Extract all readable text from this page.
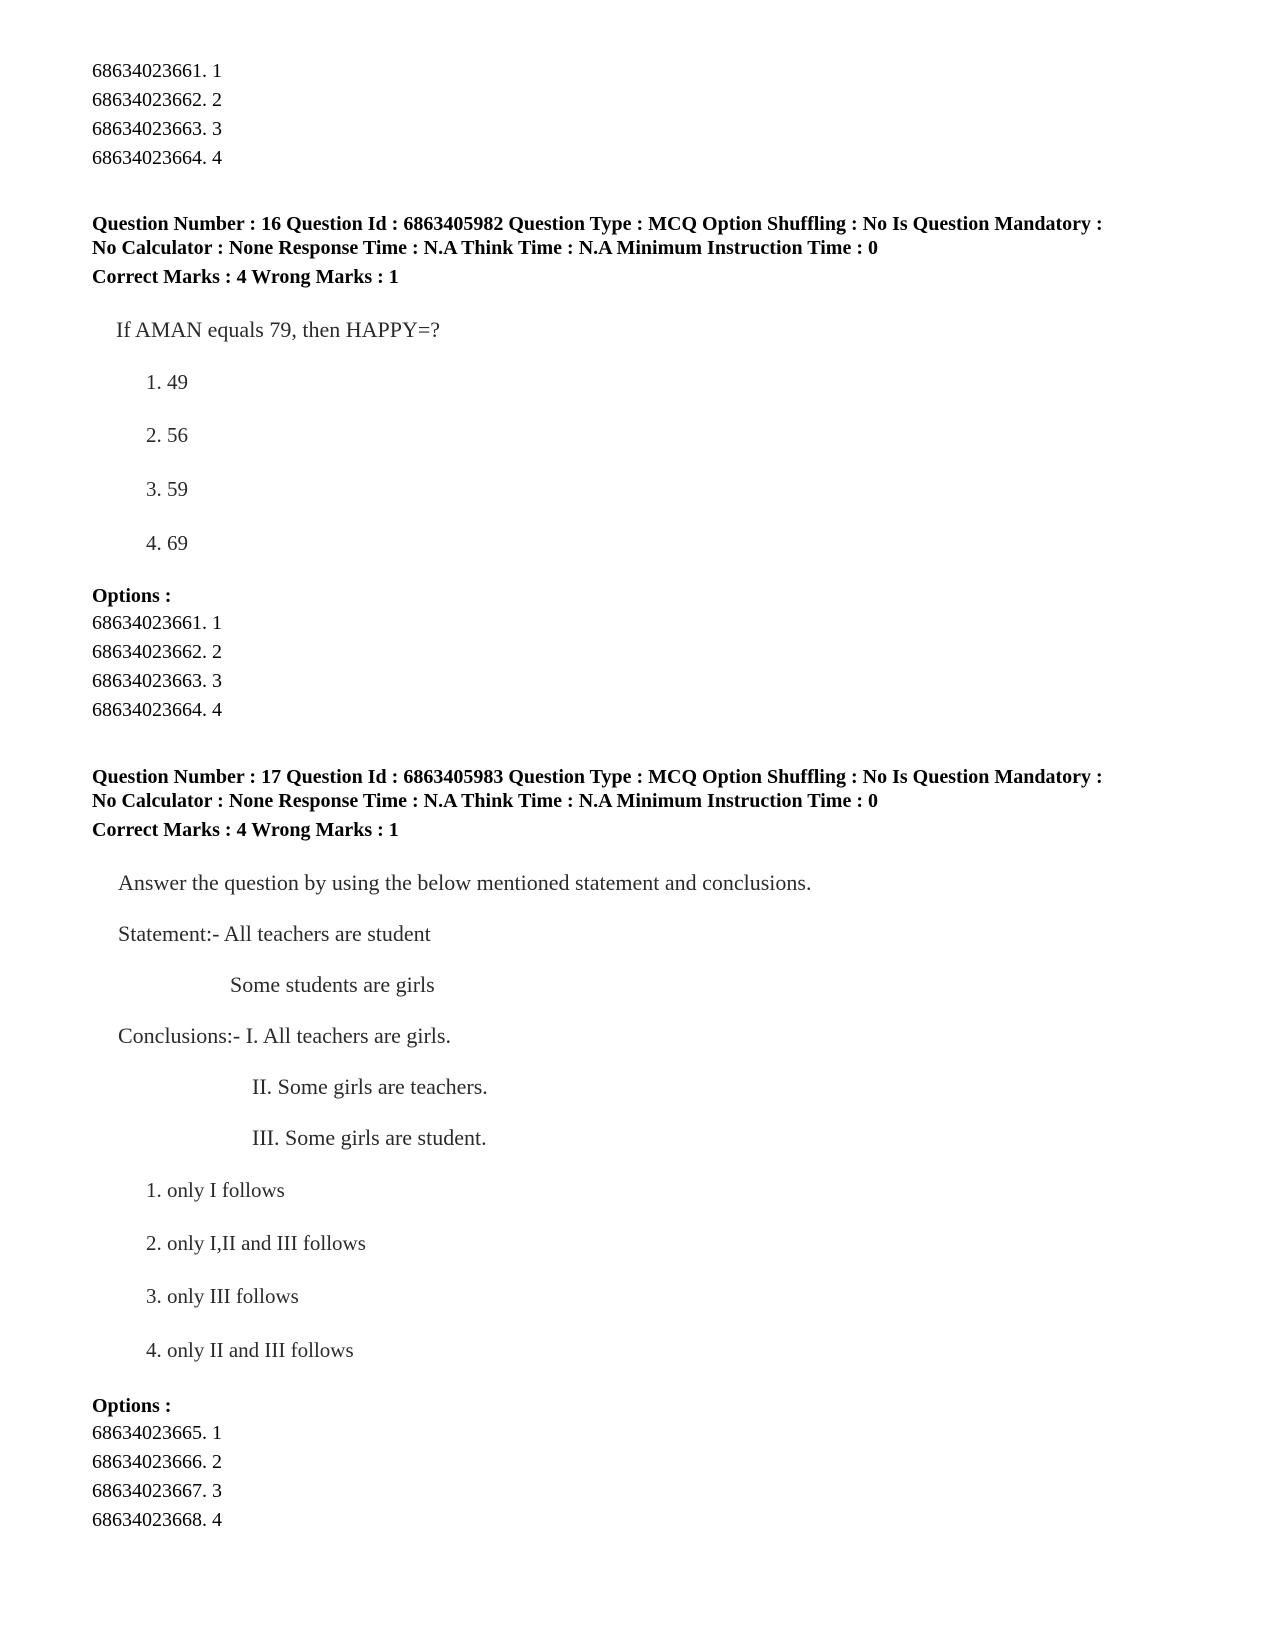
68634023661. 1
68634023662. 2
68634023663. 3
68634023664. 4
Question Number : 16 Question Id : 6863405982 Question Type : MCQ Option Shuffling : No Is Question Mandatory :
No Calculator : None Response Time : N.A Think Time : N.A Minimum Instruction Time : 0
Correct Marks : 4 Wrong Marks : 1
If AMAN equals 79, then HAPPY=?
1. 49
2. 56
3. 59
4. 69
Options :
68634023661. 1
68634023662. 2
68634023663. 3
68634023664. 4
Question Number : 17 Question Id : 6863405983 Question Type : MCQ Option Shuffling : No Is Question Mandatory :
No Calculator : None Response Time : N.A Think Time : N.A Minimum Instruction Time : 0
Correct Marks : 4 Wrong Marks : 1
Answer the question by using the below mentioned statement and conclusions.
Statement:- All teachers are student
Some students are girls
Conclusions:- I. All teachers are girls.
II. Some girls are teachers.
III. Some girls are student.
1. only I follows
2. only I,II and III follows
3. only III follows
4. only II and III follows
Options :
68634023665. 1
68634023666. 2
68634023667. 3
68634023668. 4
